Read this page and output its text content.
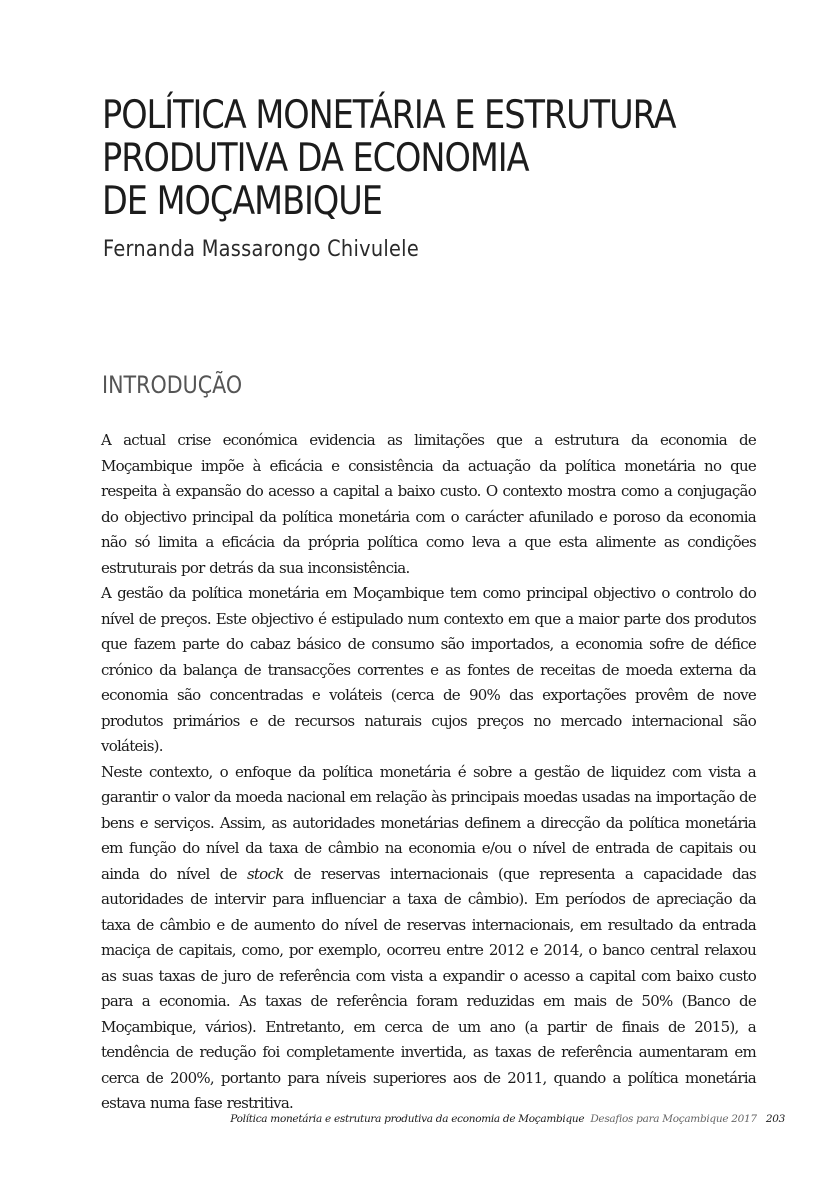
POLÍTICA MONETÁRIA E ESTRUTURA
PRODUTIVA DA ECONOMIA
DE MOÇAMBIQUE
Fernanda Massarongo Chivulele
INTRODUÇÃO

A actual crise económica evidencia as limitações que a estrutura da economia de Moçambique impõe à eficácia e consistência da actuação da política monetária no que respeita à expansão do acesso a capital a baixo custo. O contexto mostra como a conjugação do objectivo principal da política monetária com o carácter afunilado e poroso da economia não só limita a eficácia da própria política como leva a que esta alimente as condições estruturais por detrás da sua inconsistência.

A gestão da política monetária em Moçambique tem como principal objectivo o controlo do nível de preços. Este objectivo é estipulado num contexto em que a maior parte dos produtos que fazem parte do cabaz básico de consumo são importados, a economia sofre de défice crónico da balança de transacções correntes e as fontes de receitas de moeda externa da economia são concentradas e voláteis (cerca de 90% das exportações provêm de nove produtos primários e de recursos naturais cujos preços no mercado internacional são voláteis).

Neste contexto, o enfoque da política monetária é sobre a gestão de liquidez com vista a garantir o valor da moeda nacional em relação às principais moedas usadas na importação de bens e serviços. Assim, as autoridades monetárias definem a direcção da política monetária em função do nível da taxa de câmbio na economia e/ou o nível de entrada de capitais ou ainda do nível de stock de reservas internacionais (que representa a capacidade das autoridades de intervir para influenciar a taxa de câmbio). Em períodos de apreciação da taxa de câmbio e de aumento do nível de reservas internacionais, em resultado da entrada maciça de capitais, como, por exemplo, ocorreu entre 2012 e 2014, o banco central relaxou as suas taxas de juro de referência com vista a expandir o acesso a capital com baixo custo para a economia. As taxas de referência foram reduzidas em mais de 50% (Banco de Moçambique, vários). Entretanto, em cerca de um ano (a partir de finais de 2015), a tendência de redução foi completamente invertida, as taxas de referência aumentaram em cerca de 200%, portanto para níveis superiores aos de 2011, quando a política monetária estava numa fase restritiva.

Política monetária e estrutura produtiva da economia de Moçambique Desafios para Moçambique 2017 203
